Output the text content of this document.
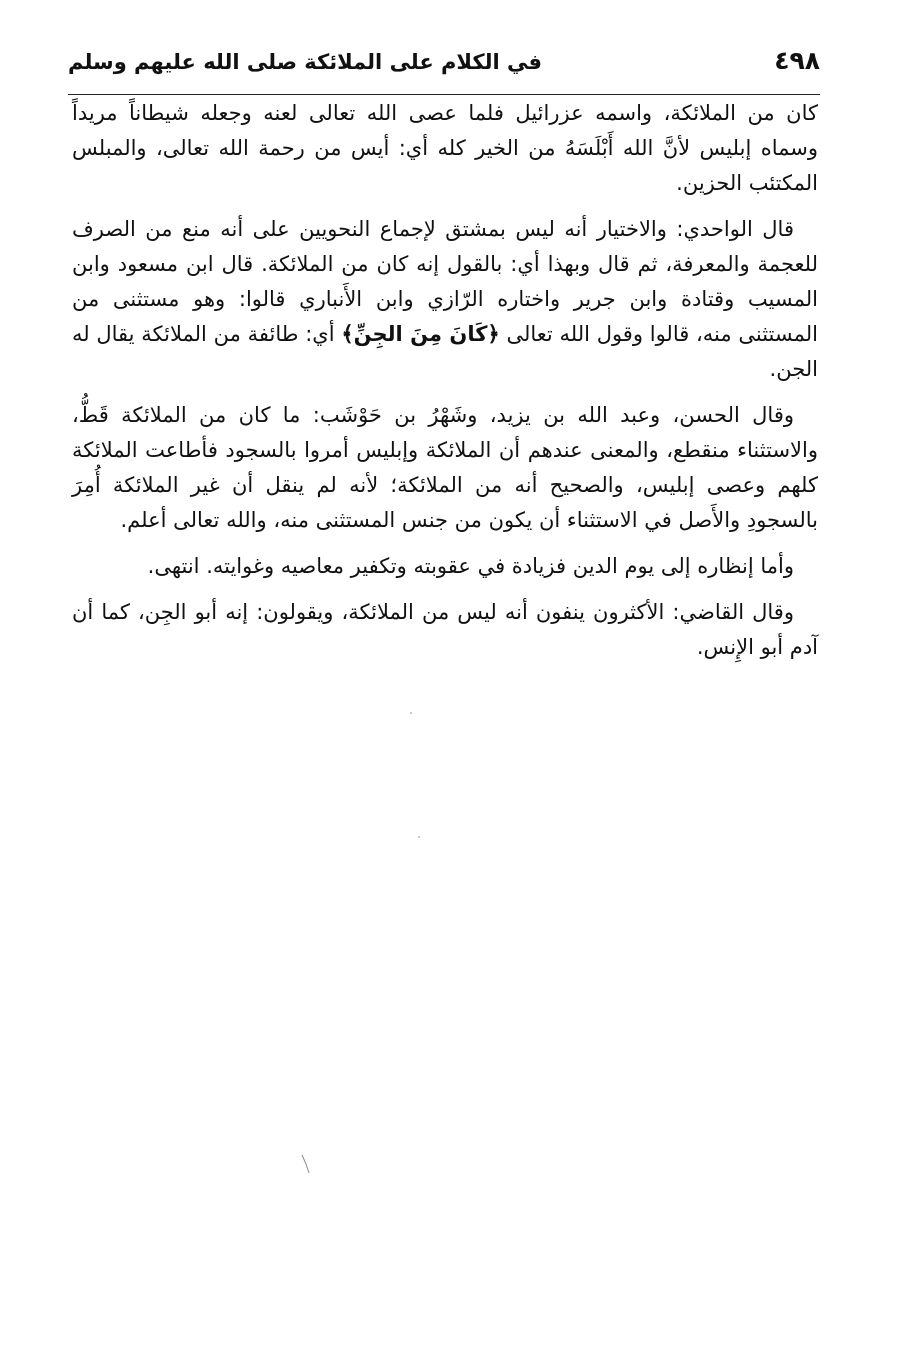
٤٩٨
في الكلام على الملائكة صلى الله عليهم وسلم

كان من الملائكة، واسمه عزرائيل فلما عصى الله تعالى لعنه وجعله شيطاناً مريداً وسماه إبليس لأنَّ الله أَبْلَسَهُ من الخير كله أي: أيس من رحمة الله تعالى، والمبلس المكتئب الحزين.

قال الواحدي: والاختيار أنه ليس بمشتق لإجماع النحويين على أنه منع من الصرف للعجمة والمعرفة، ثم قال وبهذا أي: بالقول إنه كان من الملائكة. قال ابن مسعود وابن المسيب وقتادة وابن جرير واختاره الرّازي وابن الأَنباري قالوا: وهو مستثنى من المستثنى منه، قالوا وقول الله تعالى ﴿كَانَ مِنَ الجِنِّ﴾ أي: طائفة من الملائكة يقال له الجن.

وقال الحسن، وعبد الله بن يزيد، وشَهْرُ بن حَوْشَب: ما كان من الملائكة قَطُّ، والاستثناء منقطع، والمعنى عندهم أن الملائكة وإبليس أمروا بالسجود فأطاعت الملائكة كلهم وعصى إبليس، والصحيح أنه من الملائكة؛ لأنه لم ينقل أن غير الملائكة أُمِرَ بالسجودِ والأَصل في الاستثناء أن يكون من جنس المستثنى منه، والله تعالى أعلم.

وأما إنظاره إلى يوم الدين فزيادة في عقوبته وتكفير معاصيه وغوايته. انتهى.

وقال القاضي: الأكثرون ينفون أنه ليس من الملائكة، ويقولون: إنه أبو الجِن، كما أن آدم أبو الإِنس.
